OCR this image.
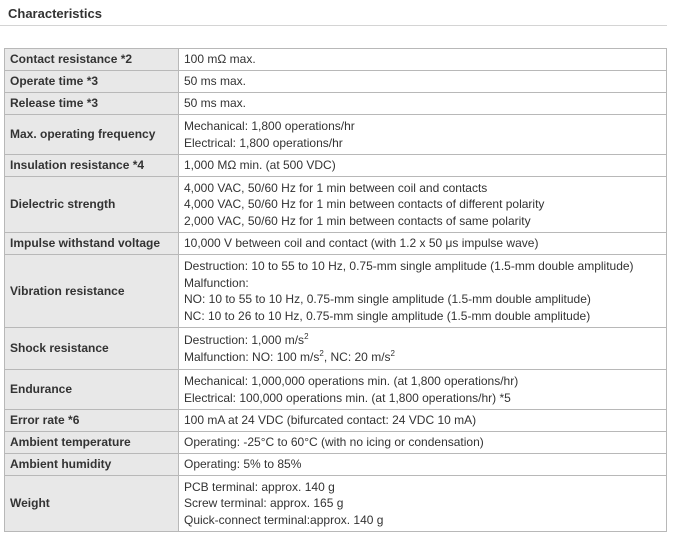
Characteristics
Contact resistance *2	100 mΩ max.

Operate time *3	50 ms max.

Release time *3	50 ms max.

Max. operating frequency	Mechanical: 1,800 operations/hr
Electrical: 1,800 operations/hr

Insulation resistance *4	1,000 MΩ min. (at 500 VDC)

Dielectric strength	4,000 VAC, 50/60 Hz for 1 min between coil and contacts
4,000 VAC, 50/60 Hz for 1 min between contacts of different polarity
2,000 VAC, 50/60 Hz for 1 min between contacts of same polarity

Impulse withstand voltage	10,000 V between coil and contact (with 1.2 x 50 μs impulse wave)

Vibration resistance	Destruction: 10 to 55 to 10 Hz, 0.75-mm single amplitude (1.5-mm double amplitude)
Malfunction:
NO: 10 to 55 to 10 Hz, 0.75-mm single amplitude (1.5-mm double amplitude)
NC: 10 to 26 to 10 Hz, 0.75-mm single amplitude (1.5-mm double amplitude)

Shock resistance	Destruction: 1,000 $m/s^2$
Malfunction: NO: 100 $m/s^2$, NC: 20 $m/s^2$

Endurance	Mechanical: 1,000,000 operations min. (at 1,800 operations/hr)
Electrical: 100,000 operations min. (at 1,800 operations/hr) *5

Error rate *6	100 mA at 24 VDC (bifurcated contact: 24 VDC 10 mA)

Ambient temperature	Operating: -25°C to 60°C (with no icing or condensation)

Ambient humidity	Operating: 5% to 85%

Weight	PCB terminal: approx. 140 g
Screw terminal: approx. 165 g
Quick-connect terminal:approx. 140 g
